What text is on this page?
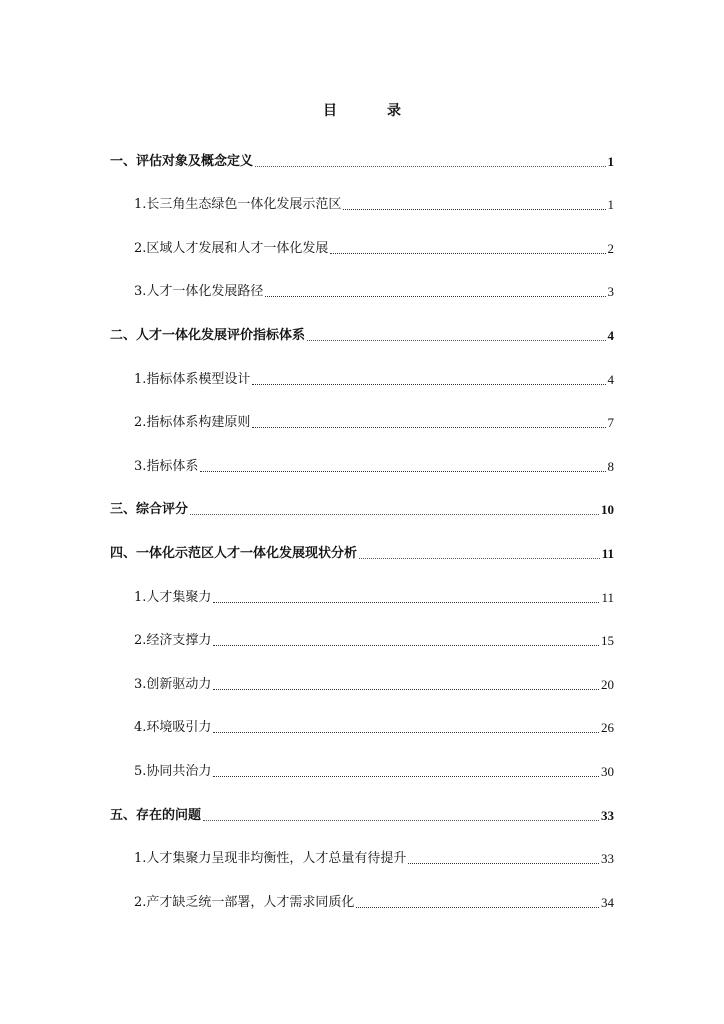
目　录
一、评估对象及概念定义	1
1.长三角生态绿色一体化发展示范区	1
2.区域人才发展和人才一体化发展	2
3.人才一体化发展路径	3
二、人才一体化发展评价指标体系	4
1.指标体系模型设计	4
2.指标体系构建原则	7
3.指标体系	8
三、综合评分	10
四、一体化示范区人才一体化发展现状分析	11
1.人才集聚力	11
2.经济支撑力	15
3.创新驱动力	20
4.环境吸引力	26
5.协同共治力	30
五、存在的问题	33
1.人才集聚力呈现非均衡性，人才总量有待提升	33
2.产才缺乏统一部署，人才需求同质化	34
